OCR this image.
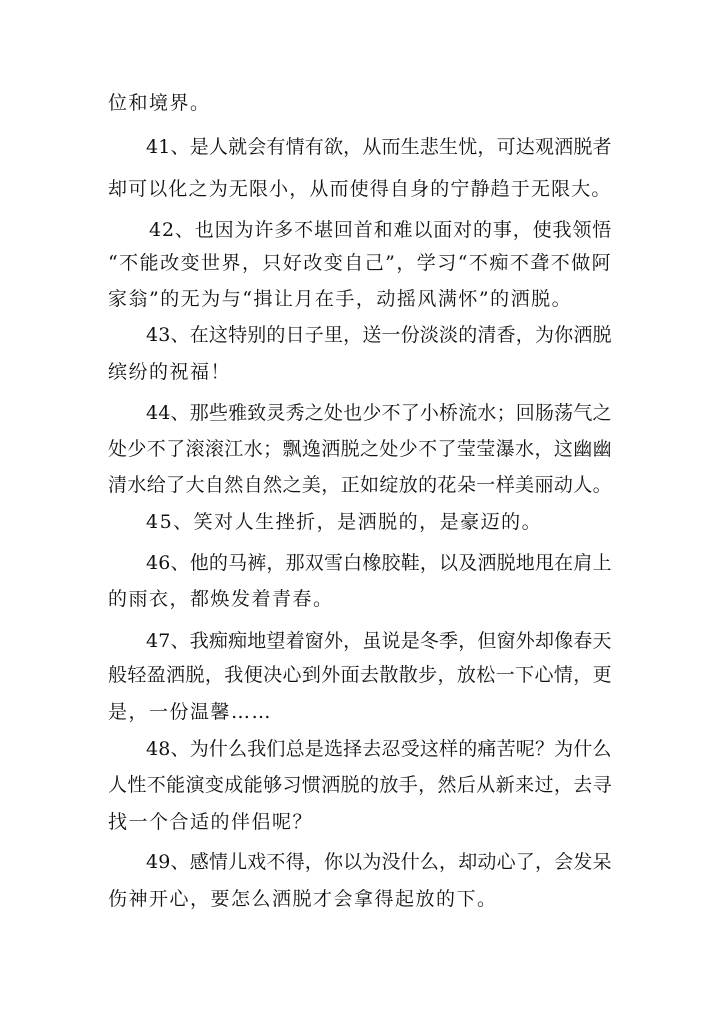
位和境界。
41、是人就会有情有欲，从而生悲生忧，可达观洒脱者
却可以化之为无限小，从而使得自身的宁静趋于无限大。
42、也因为许多不堪回首和难以面对的事，使我领悟
“不能改变世界，只好改变自己”，学习“不痴不聋不做阿
家翁”的无为与“揖让月在手，动摇风满怀”的洒脱。
43、在这特别的日子里，送一份淡淡的清香，为你洒脱
缤纷的祝福！
44、那些雅致灵秀之处也少不了小桥流水；回肠荡气之
处少不了滚滚江水；飘逸洒脱之处少不了莹莹瀑水，这幽幽
清水给了大自然自然之美，正如绽放的花朵一样美丽动人。
45、笑对人生挫折，是洒脱的，是豪迈的。
46、他的马裤，那双雪白橡胶鞋，以及洒脱地甩在肩上
的雨衣，都焕发着青春。
47、我痴痴地望着窗外，虽说是冬季，但窗外却像春天
般轻盈洒脱，我便决心到外面去散散步，放松一下心情，更
是，一份温馨……
48、为什么我们总是选择去忍受这样的痛苦呢？为什么
人性不能演变成能够习惯洒脱的放手，然后从新来过，去寻
找一个合适的伴侣呢？
49、感情儿戏不得，你以为没什么，却动心了，会发呆
伤神开心，要怎么洒脱才会拿得起放的下。
